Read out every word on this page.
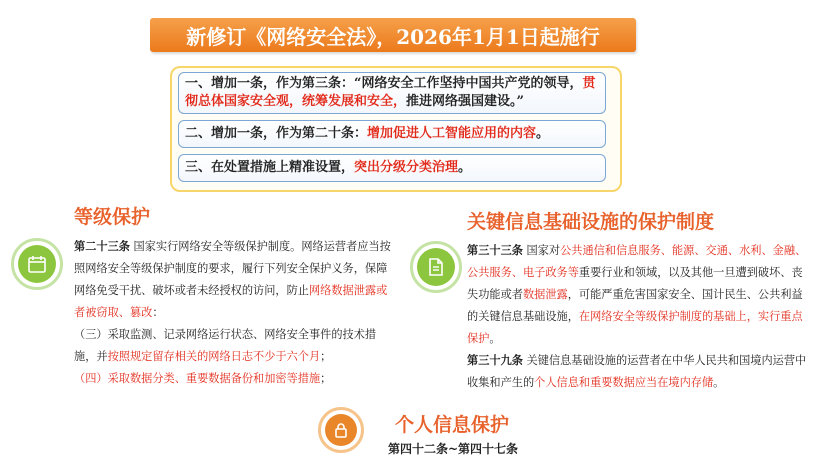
新修订《网络安全法》，2026年1月1日起施行
一、增加一条，作为第三条：“网络安全工作坚持中国共产党的领导，贯彻总体国家安全观，统筹发展和安全，推进网络强国建设。”
二、增加一条，作为第二十条：增加促进人工智能应用的内容。
三、在处置措施上精准设置，突出分级分类治理。
等级保护
第二十三条 国家实行网络安全等级保护制度。网络运营者应当按照网络安全等级保护制度的要求，履行下列安全保护义务，保障网络免受干扰、破坏或者未经授权的访问，防止网络数据泄露或者被窃取、篡改：
（三）采取监测、记录网络运行状态、网络安全事件的技术措施，并按照规定留存相关的网络日志不少于六个月；
（四）采取数据分类、重要数据备份和加密等措施；
关键信息基础设施的保护制度
第三十三条 国家对公共通信和信息服务、能源、交通、水利、金融、公共服务、电子政务等重要行业和领域，以及其他一旦遭到破坏、丧失功能或者数据泄露，可能严重危害国家安全、国计民生、公共利益的关键信息基础设施，在网络安全等级保护制度的基础上，实行重点保护。
第三十九条 关键信息基础设施的运营者在中华人民共和国境内运营中收集和产生的个人信息和重要数据应当在境内存储。
个人信息保护
第四十二条~第四十七条
